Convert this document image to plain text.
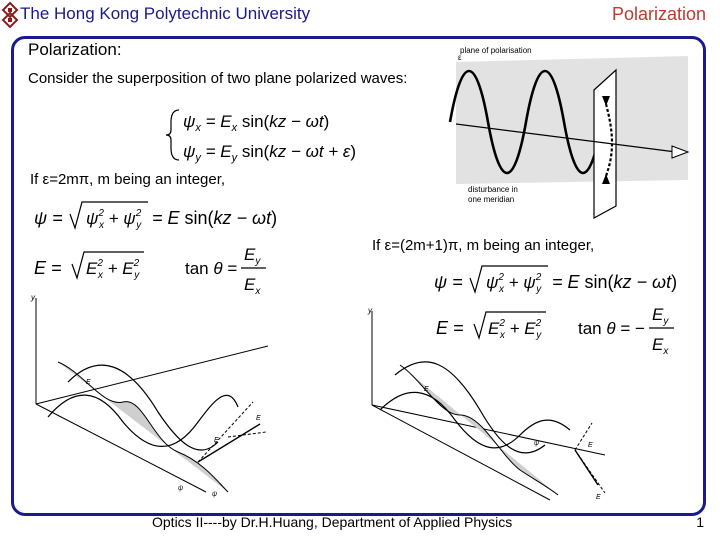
The Hong Kong Polytechnic University	Polarization
Polarization:
Consider the superposition of two plane polarized waves:
$\psi_x = E_x$ sin(kz − ωt)
$\psi_y = E_y$ sin(kz − ωt + ε)
ε
plane of polarisation
disturbance in
one meridian
If ε=2mπ, m being an integer,
$\psi = \psi^2$ $x + \psi^2$ y = E sin(kz − ωt)
$E = E^2$ $x + E^2$ y	tan θ =
$E_y$
$E_x$
If ε=(2m+1)π, m being an integer,
$\psi = \psi^2$ $x + \psi^2$ y = E sin(kz − ωt)
$E = E^2$ $x + E^2$ y tan θ = −
$E_y$
$E_x$
y
E
E
E
ψ
ψ
y
E
ψ	E
E
Optics II----by Dr.H.Huang, Department of Applied Physics	1
